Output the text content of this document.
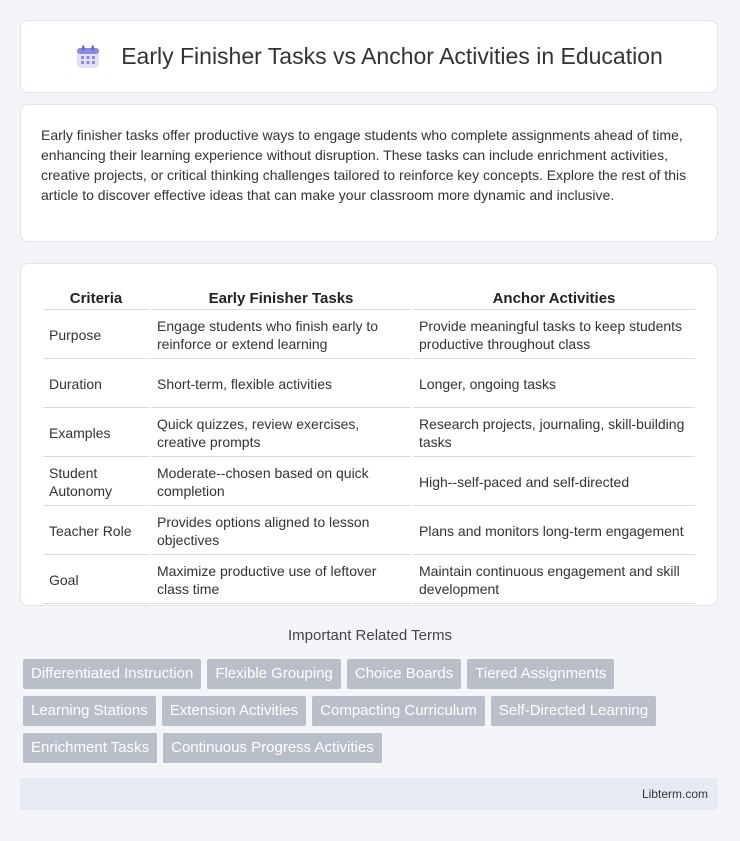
Early Finisher Tasks vs Anchor Activities in Education

Early finisher tasks offer productive ways to engage students who complete assignments ahead of time, enhancing their learning experience without disruption. These tasks can include enrichment activities, creative projects, or critical thinking challenges tailored to reinforce key concepts. Explore the rest of this article to discover effective ideas that can make your classroom more dynamic and inclusive.

Criteria	Early Finisher Tasks	Anchor Activities
Purpose	Engage students who finish early to reinforce or extend learning	Provide meaningful tasks to keep students productive throughout class
Duration	Short-term, flexible activities	Longer, ongoing tasks
Examples	Quick quizzes, review exercises, creative prompts	Research projects, journaling, skill-building tasks
Student Autonomy	Moderate--chosen based on quick completion	High--self-paced and self-directed
Teacher Role	Provides options aligned to lesson objectives	Plans and monitors long-term engagement
Goal	Maximize productive use of leftover class time	Maintain continuous engagement and skill development
Important Related Terms
Differentiated Instruction	Flexible Grouping	Choice Boards	Tiered Assignments
Learning Stations	Extension Activities	Compacting Curriculum	Self-Directed Learning
Enrichment Tasks	Continuous Progress Activities
Libterm.com
